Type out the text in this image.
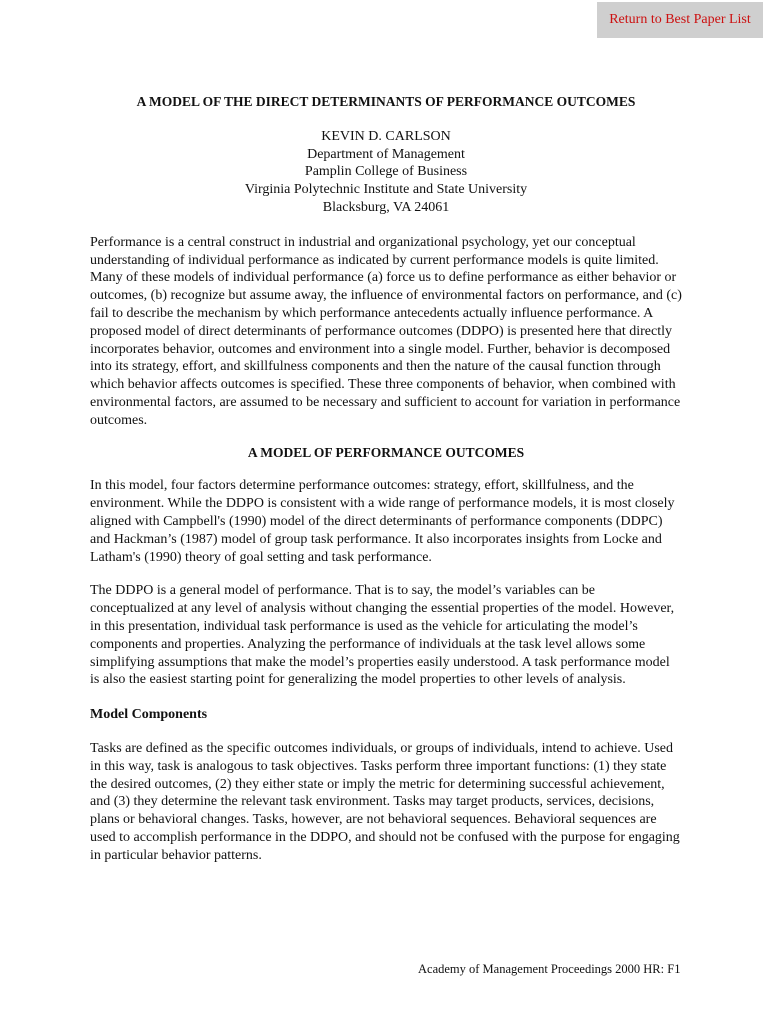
Return to Best Paper List
A MODEL OF THE DIRECT DETERMINANTS OF PERFORMANCE OUTCOMES
KEVIN D. CARLSON
Department of Management
Pamplin College of Business
Virginia Polytechnic Institute and State University
Blacksburg, VA 24061

Performance is a central construct in industrial and organizational psychology, yet our conceptual understanding of individual performance as indicated by current performance models is quite limited. Many of these models of individual performance (a) force us to define performance as either behavior or outcomes, (b) recognize but assume away, the influence of environmental factors on performance, and (c) fail to describe the mechanism by which performance antecedents actually influence performance. A proposed model of direct determinants of performance outcomes (DDPO) is presented here that directly incorporates behavior, outcomes and environment into a single model. Further, behavior is decomposed into its strategy, effort, and skillfulness components and then the nature of the causal function through which behavior affects outcomes is specified. These three components of behavior, when combined with environmental factors, are assumed to be necessary and sufficient to account for variation in performance outcomes.

A MODEL OF PERFORMANCE OUTCOMES

In this model, four factors determine performance outcomes: strategy, effort, skillfulness, and the environment. While the DDPO is consistent with a wide range of performance models, it is most closely aligned with Campbell's (1990) model of the direct determinants of performance components (DDPC) and Hackman’s (1987) model of group task performance. It also incorporates insights from Locke and Latham's (1990) theory of goal setting and task performance.

The DDPO is a general model of performance. That is to say, the model’s variables can be conceptualized at any level of analysis without changing the essential properties of the model. However, in this presentation, individual task performance is used as the vehicle for articulating the model’s components and properties. Analyzing the performance of individuals at the task level allows some simplifying assumptions that make the model’s properties easily understood. A task performance model is also the easiest starting point for generalizing the model properties to other levels of analysis.

Model Components

Tasks are defined as the specific outcomes individuals, or groups of individuals, intend to achieve. Used in this way, task is analogous to task objectives. Tasks perform three important functions: (1) they state the desired outcomes, (2) they either state or imply the metric for determining successful achievement, and (3) they determine the relevant task environment. Tasks may target products, services, decisions, plans or behavioral changes. Tasks, however, are not behavioral sequences. Behavioral sequences are used to accomplish performance in the DDPO, and should not be confused with the purpose for engaging in particular behavior patterns.

Academy of Management Proceedings 2000 HR: F1
